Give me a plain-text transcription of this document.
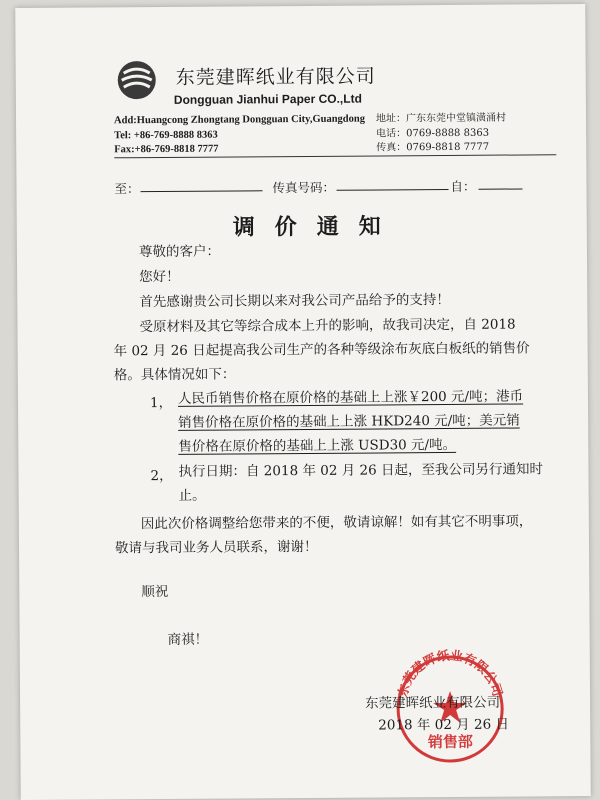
东莞建晖纸业有限公司
Dongguan Jianhui Paper CO.,Ltd
Add:Huangcong Zhongtang Dongguan City,Guangdong
Tel: +86-769-8888 8363
Fax:+86-769-8818 7777
地址：广东东莞中堂镇潢涌村
电话：0769-8888 8363
传真：0769-8818 7777
至：	传真号码：	自：
调价通知
尊敬的客户：
您好！
首先感谢贵公司长期以来对我公司产品给予的支持！
受原材料及其它等综合成本上升的影响，故我司决定，自 2018
年 02 月 26 日起提高我公司生产的各种等级涂布灰底白板纸的销售价
格。具体情况如下：
1， 人民币销售价格在原价格的基础上上涨￥200 元/吨；港币
销售价格在原价格的基础上上涨 HKD240 元/吨；美元销
售价格在原价格的基础上上涨 USD30 元/吨。
2， 执行日期：自 2018 年 02 月 26 日起，至我公司另行通知时
止。
因此次价格调整给您带来的不便，敬请谅解！如有其它不明事项，
敬请与我司业务人员联系，谢谢！
顺祝
商祺！
东莞建晖纸业有限公司
销售部
东莞建晖纸业有限公司
2018 年 02 月 26 日
